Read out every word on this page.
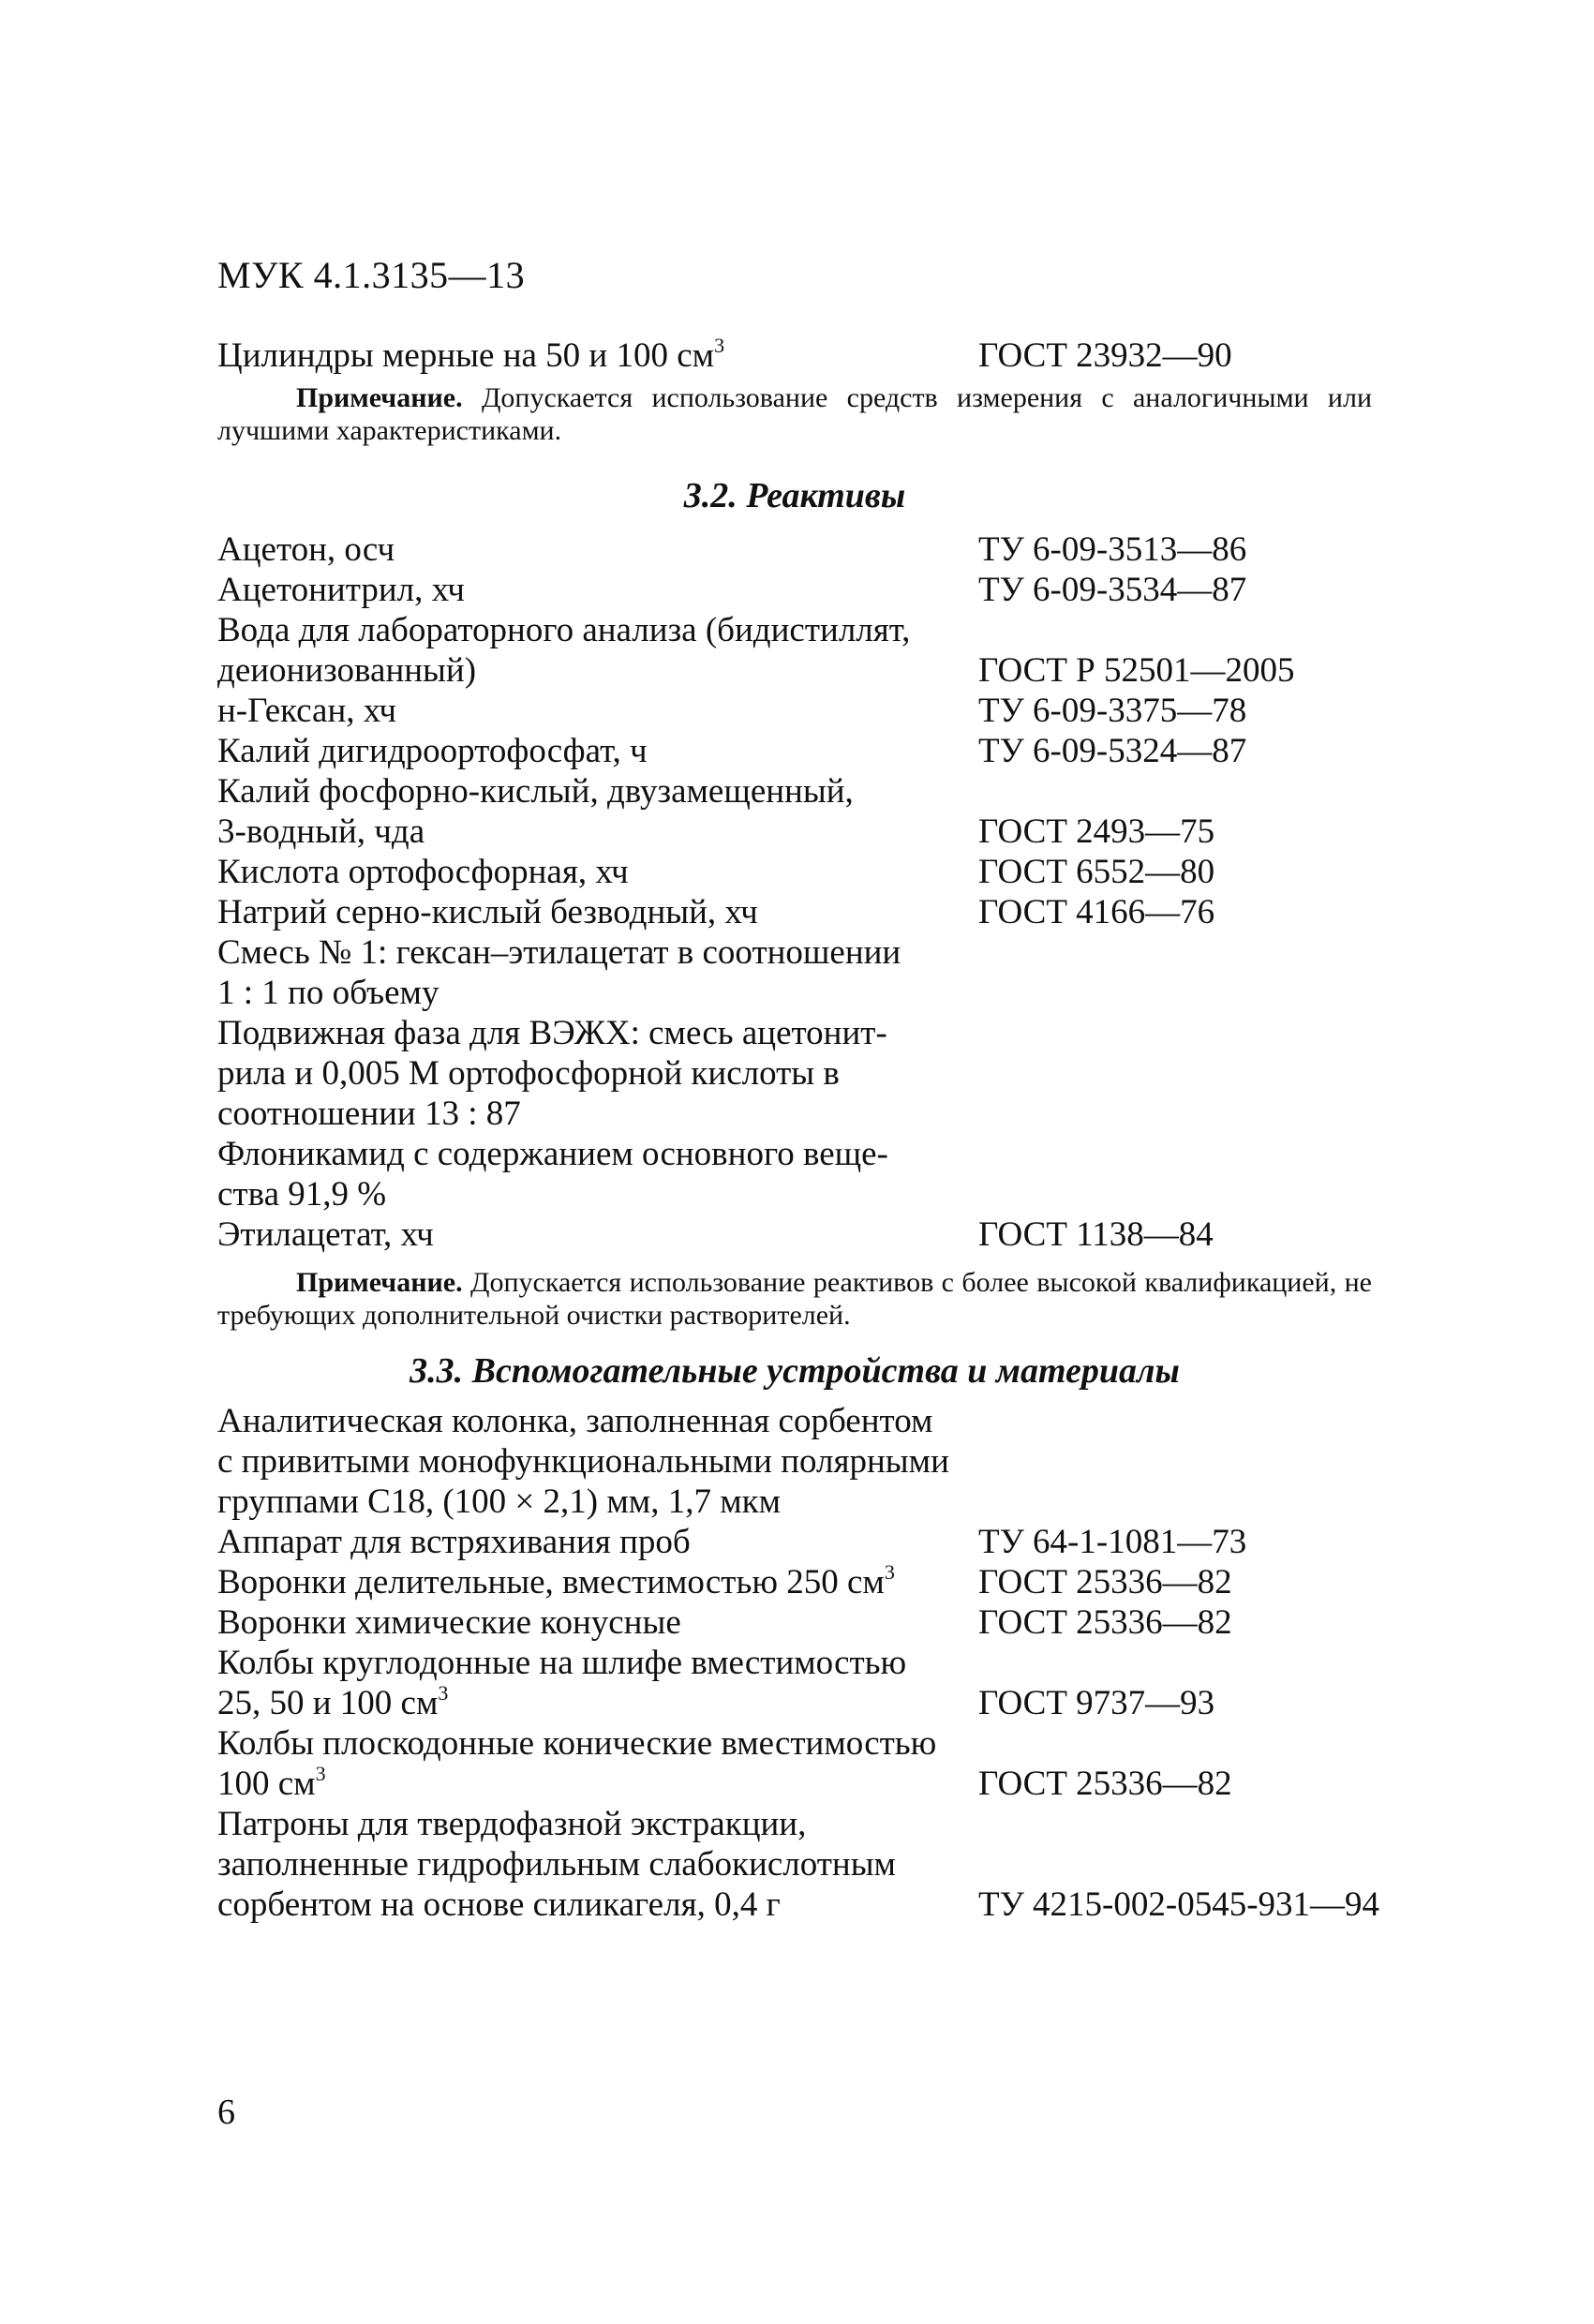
МУК 4.1.3135—13
Цилиндры мерные на 50 и 100 $см^3$	ГОСТ 23932—90
Примечание. Допускается использование средств измерения с аналогичными или лучшими характеристиками.
3.2. Реактивы
Ацетон, осч	ТУ 6-09-3513—86
Ацетонитрил, хч	ТУ 6-09-3534—87
Вода для лабораторного анализа (бидистиллят,
деионизованный)	ГОСТ Р 52501—2005
н-Гексан, хч	ТУ 6-09-3375—78
Калий дигидроортофосфат, ч	ТУ 6-09-5324—87
Калий фосфорно-кислый, двузамещенный,
3-водный, чда	ГОСТ 2493—75
Кислота ортофосфорная, хч	ГОСТ 6552—80
Натрий серно-кислый безводный, хч	ГОСТ 4166—76
Смесь № 1: гексан–этилацетат в соотношении
1 : 1 по объему
Подвижная фаза для ВЭЖХ: смесь ацетонит-
рила и 0,005 М ортофосфорной кислоты в
соотношении 13 : 87
Флоникамид с содержанием основного веще-
ства 91,9 %
Этилацетат, хч	ГОСТ 1138—84
Примечание. Допускается использование реактивов с более высокой квалификацией, не требующих дополнительной очистки растворителей.
3.3. Вспомогательные устройства и материалы
Аналитическая колонка, заполненная сорбентом
с привитыми монофункциональными полярными
группами С18, (100 × 2,1) мм, 1,7 мкм
Аппарат для встряхивания проб	ТУ 64-1-1081—73
Воронки делительные, вместимостью 250 $см^3$ ГОСТ 25336—82
Воронки химические конусные	ГОСТ 25336—82
Колбы круглодонные на шлифе вместимостью
25, 50 и 100 $см^3$	ГОСТ 9737—93
Колбы плоскодонные конические вместимостью
100 $см^3$	ГОСТ 25336—82
Патроны для твердофазной экстракции,
заполненные гидрофильным слабокислотным
сорбентом на основе силикагеля, 0,4 г	ТУ 4215-002-0545-931—94
6
